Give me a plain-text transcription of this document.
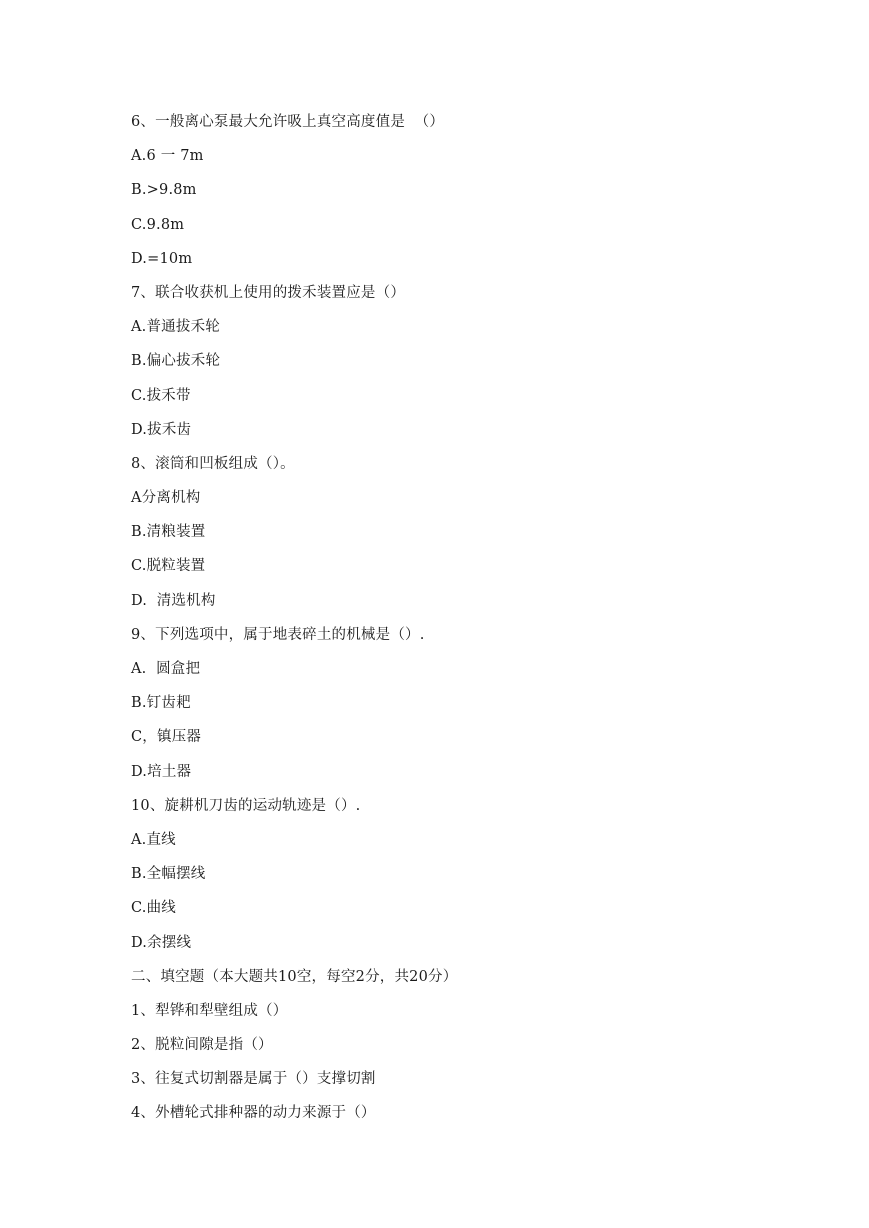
6、一般离心泵最大允许吸上真空高度值是  （）
A.6 一 7m
B.>9.8m
C.9.8m
D.=10m
7、联合收获机上使用的拨禾装置应是（）
A.普通拔禾轮
B.偏心拔禾轮
C.拔禾带
D.拔禾齿
8、滚筒和凹板组成（）。
A分离机构
B.清粮装置
C.脱粒装置
D.  清选机构
9、下列选项中，属于地表碎土的机械是（）.
A.  圆盒把
B.钉齿耙
C，镇压器
D.培土器
10、旋耕机刀齿的运动轨迹是（）.
A.直线
B.全幅摆线
C.曲线
D.余摆线
二、填空题（本大题共10空，每空2分，共20分）
1、犁铧和犁壁组成（）
2、脱粒间隙是指（）
3、往复式切割器是属于（）支撑切割
4、外槽轮式排种器的动力来源于（）
